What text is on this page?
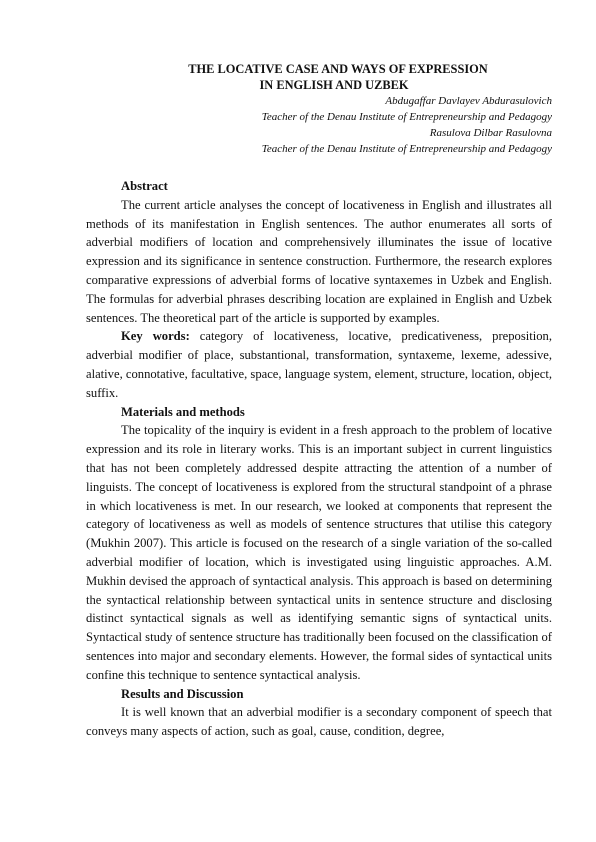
THE LOCATIVE CASE AND WAYS OF EXPRESSION
IN ENGLISH AND UZBEK
Abdugaffar Davlayev Abdurasulovich
Teacher of the Denau Institute of Entrepreneurship and Pedagogy
Rasulova Dilbar Rasulovna
Teacher of the Denau Institute of Entrepreneurship and Pedagogy

Abstract

The current article analyses the concept of locativeness in English and illustrates all methods of its manifestation in English sentences. The author enumerates all sorts of adverbial modifiers of location and comprehensively illuminates the issue of locative expression and its significance in sentence construction. Furthermore, the research explores comparative expressions of adverbial forms of locative syntaxemes in Uzbek and English. The formulas for adverbial phrases describing location are explained in English and Uzbek sentences. The theoretical part of the article is supported by examples.

Key words: category of locativeness, locative, predicativeness, preposition, adverbial modifier of place, substantional, transformation, syntaxeme, lexeme, adessive, alative, connotative, facultative, space, language system, element, structure, location, object, suffix.

Materials and methods

The topicality of the inquiry is evident in a fresh approach to the problem of locative expression and its role in literary works. This is an important subject in current linguistics that has not been completely addressed despite attracting the attention of a number of linguists. The concept of locativeness is explored from the structural standpoint of a phrase in which locativeness is met. In our research, we looked at components that represent the category of locativeness as well as models of sentence structures that utilise this category (Mukhin 2007). This article is focused on the research of a single variation of the so-called adverbial modifier of location, which is investigated using linguistic approaches. A.M. Mukhin devised the approach of syntactical analysis. This approach is based on determining the syntactical relationship between syntactical units in sentence structure and disclosing distinct syntactical signals as well as identifying semantic signs of syntactical units. Syntactical study of sentence structure has traditionally been focused on the classification of sentences into major and secondary elements. However, the formal sides of syntactical units confine this technique to sentence syntactical analysis.

Results and Discussion

It is well known that an adverbial modifier is a secondary component of speech that conveys many aspects of action, such as goal, cause, condition, degree,
